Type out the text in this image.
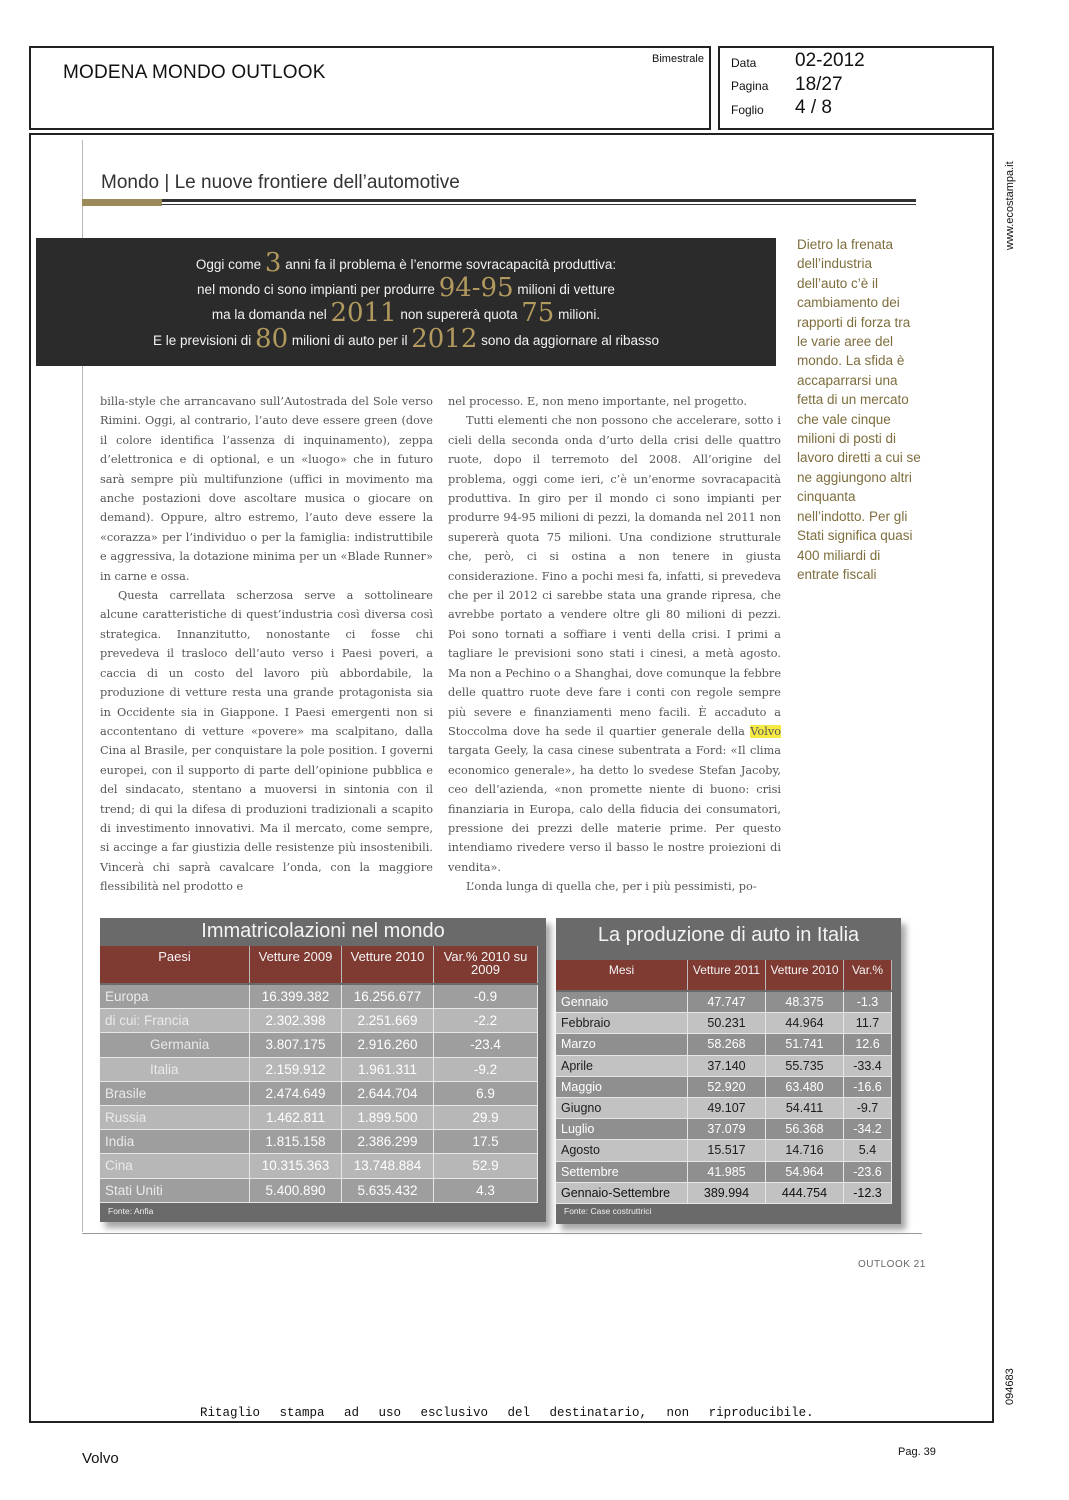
MODENA MONDO OUTLOOK
Bimestrale Data 02-2012
Pagina 18/27
Foglio 4 / 8
www.ecostampa.it
094683
Mondo | Le nuove frontiere dell’automotive
Oggi come 3 anni fa il problema è l’enorme sovracapacità produttiva:
nel mondo ci sono impianti per produrre 94-95 milioni di vetture
ma la domanda nel 2011 non supererà quota 75 milioni.
E le previsioni di 80 milioni di auto per il 2012 sono da aggiornare al ribasso

billa-style che arrancavano sull’Autostrada del Sole verso Rimini. Oggi, al contrario, l’auto deve essere green (dove il colore identifica l’assenza di inquinamento), zeppa d’elettronica e di optional, e un «luogo» che in futuro sarà sempre più multifunzione (uffici in movimento ma anche postazioni dove ascoltare musica o giocare on demand). Oppure, altro estremo, l’auto deve essere la «corazza» per l’individuo o per la famiglia: indistruttibile e aggressiva, la dotazione minima per un «Blade Runner» in carne e ossa.

Questa carrellata scherzosa serve a sottolineare alcune caratteristiche di quest’industria così diversa così strategica. Innanzitutto, nonostante ci fosse chi prevedeva il trasloco dell’auto verso i Paesi poveri, a caccia di un costo del lavoro più abbordabile, la produzione di vetture resta una grande protagonista sia in Occidente sia in Giappone. I Paesi emergenti non si accontentano di vetture «povere» ma scalpitano, dalla Cina al Brasile, per conquistare la pole position. I governi europei, con il supporto di parte dell’opinione pubblica e del sindacato, stentano a muoversi in sintonia con il trend; di qui la difesa di produzioni tradizionali a scapito di investimento innovativi. Ma il mercato, come sempre, si accinge a far giustizia delle resistenze più insostenibili. Vincerà chi saprà cavalcare l’onda, con la maggiore flessibilità nel prodotto e

nel processo. E, non meno importante, nel progetto.

Tutti elementi che non possono che accelerare, sotto i cieli della seconda onda d’urto della crisi delle quattro ruote, dopo il terremoto del 2008. All’origine del problema, oggi come ieri, c’è un’enorme sovracapacità produttiva. In giro per il mondo ci sono impianti per produrre 94-95 milioni di pezzi, la domanda nel 2011 non supererà quota 75 milioni. Una condizione strutturale che, però, ci si ostina a non tenere in giusta considerazione. Fino a pochi mesi fa, infatti, si prevedeva che per il 2012 ci sarebbe stata una grande ripresa, che avrebbe portato a vendere oltre gli 80 milioni di pezzi. Poi sono tornati a soffiare i venti della crisi. I primi a tagliare le previsioni sono stati i cinesi, a metà agosto. Ma non a Pechino o a Shanghai, dove comunque la febbre delle quattro ruote deve fare i conti con regole sempre più severe e finanziamenti meno facili. È accaduto a Stoccolma dove ha sede il quartier generale della Volvo targata Geely, la casa cinese subentrata a Ford: «Il clima economico generale», ha detto lo svedese Stefan Jacoby, ceo dell’azienda, «non promette niente di buono: crisi finanziaria in Europa, calo della fiducia dei consumatori, pressione dei prezzi delle materie prime. Per questo intendiamo rivedere verso il basso le nostre proiezioni di vendita».

L’onda lunga di quella che, per i più pessimisti, po-

Dietro la frenata dell’industria dell’auto c’è il cambiamento dei rapporti di forza tra le varie aree del mondo. La sfida è accaparrarsi una fetta di un mercato che vale cinque milioni di posti di lavoro diretti a cui se ne aggiungono altri cinquanta nell’indotto. Per gli Stati significa quasi 400 miliardi di entrate fiscali
Immatricolazioni nel mondo
Paesi	Vetture 2009	Vetture 2010	Var.% 2010 su 2009
Europa	16.399.382	16.256.677	-0.9
di cui: Francia	2.302.398	2.251.669	-2.2
Germania	3.807.175	2.916.260	-23.4
Italia	2.159.912	1.961.311	-9.2
Brasile	2.474.649	2.644.704	6.9
Russia	1.462.811	1.899.500	29.9
India	1.815.158	2.386.299	17.5
Cina	10.315.363	13.748.884	52.9
Stati Uniti	5.400.890	5.635.432	4.3
Fonte: Anfia
La produzione di auto in Italia
Mesi	Vetture 2011 Vetture 2010	Var.%
Gennaio	47.747	48.375	-1.3
Febbraio	50.231	44.964	11.7
Marzo	58.268	51.741	12.6
Aprile	37.140	55.735	-33.4
Maggio	52.920	63.480	-16.6
Giugno	49.107	54.411	-9.7
Luglio	37.079	56.368	-34.2
Agosto	15.517	14.716	5.4
Settembre	41.985	54.964	-23.6
Gennaio-Settembre	389.994	444.754	-12.3
Fonte: Case costruttrici
OUTLOOK 21
Ritaglio stampa ad uso esclusivo del destinatario, non riproducibile.
Volvo	Pag. 39
